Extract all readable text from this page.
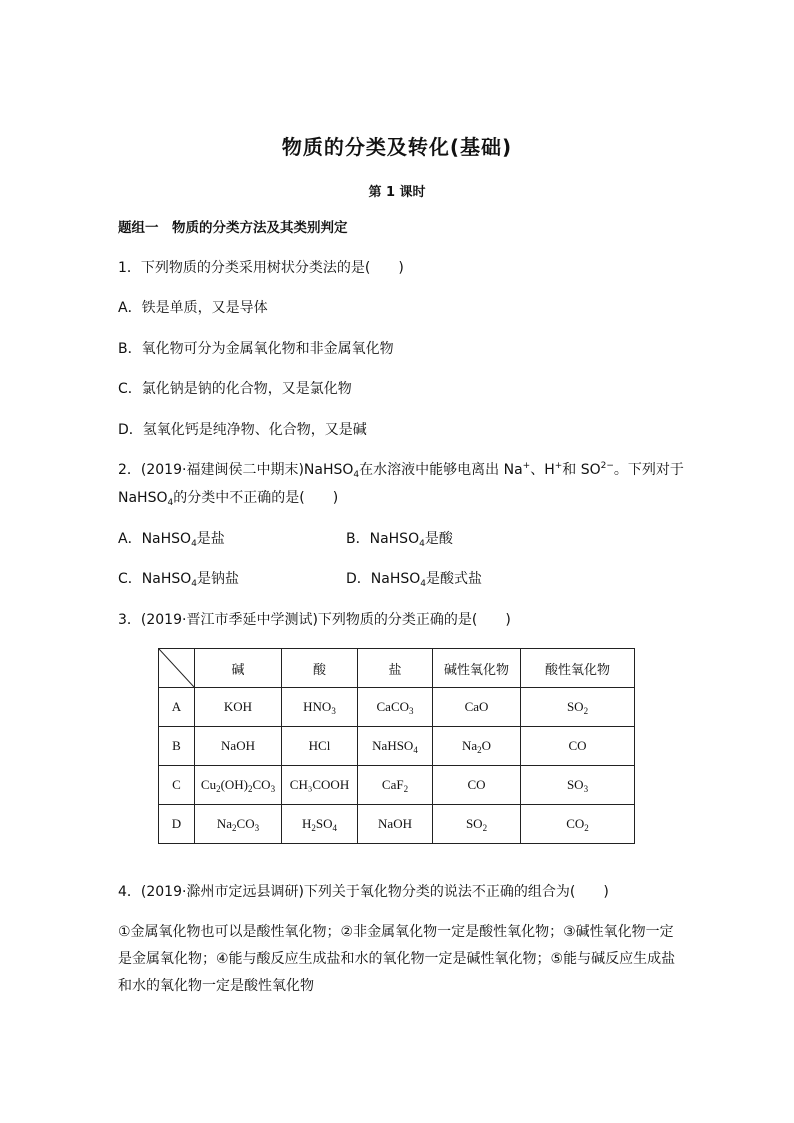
物质的分类及转化(基础)
第 1 课时
题组一　物质的分类方法及其类别判定
1．下列物质的分类采用树状分类法的是(　　)
A．铁是单质，又是导体
B．氧化物可分为金属氧化物和非金属氧化物
C．氯化钠是钠的化合物，又是氯化物
D．氢氧化钙是纯净物、化合物，又是碱
2．(2019·福建闽侯二中期末)NaHSO$_4$在水溶液中能够电离出 Na+、H+和 $SO^{2-}$。下列对于
NaHSO$_4$的分类中不正确的是(　　)
A．NaHSO$_4$是盐	B．NaHSO$_4$是酸
C．NaHSO$_4$是钠盐	D．NaHSO$_4$是酸式盐
3．(2019·晋江市季延中学测试)下列物质的分类正确的是(　　)
	碱	酸	盐	碱性氧化物	酸性氧化物
A	KOH	$HNO_3$	CaCO$_3$	CaO	$SO_2$
B	NaOH	HCl	NaHSO$_4$	$Na_2O$	CO
C	$Cu_2(OH)_2CO_3$	CH₃COOH	CaF$_2$	CO	$SO_3$
D	$Na_2CO_3$	$H_2SO_4$	NaOH	$SO_2$	$CO_2$
4．(2019·滁州市定远县调研)下列关于氧化物分类的说法不正确的组合为(　　)
①金属氧化物也可以是酸性氧化物；②非金属氧化物一定是酸性氧化物；③碱性氧化物一定
是金属氧化物；④能与酸反应生成盐和水的氧化物一定是碱性氧化物；⑤能与碱反应生成盐
和水的氧化物一定是酸性氧化物
